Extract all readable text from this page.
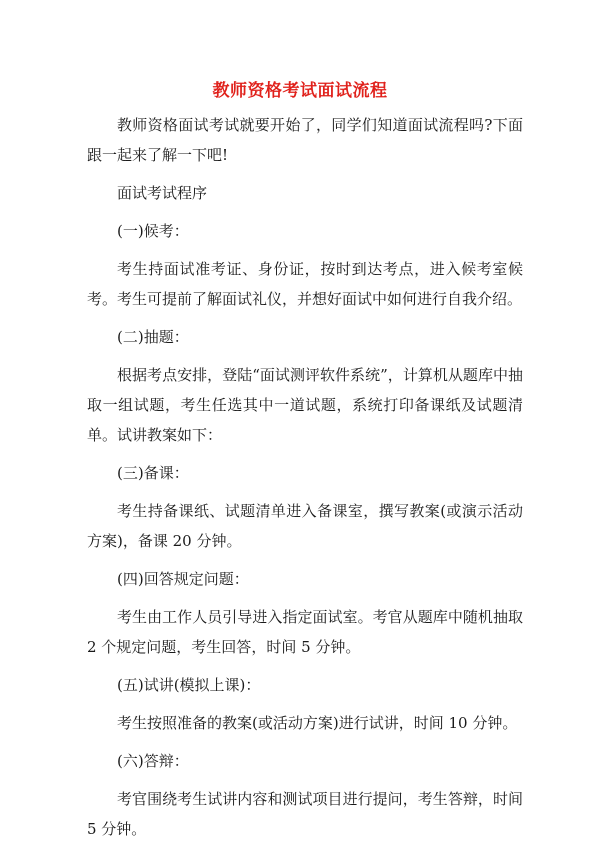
教师资格考试面试流程

教师资格面试考试就要开始了，同学们知道面试流程吗?下面跟一起来了解一下吧!

面试考试程序

(一)候考：

考生持面试准考证、身份证，按时到达考点，进入候考室候考。考生可提前了解面试礼仪，并想好面试中如何进行自我介绍。

(二)抽题：

根据考点安排，登陆“面试测评软件系统”，计算机从题库中抽取一组试题，考生任选其中一道试题，系统打印备课纸及试题清单。试讲教案如下：

(三)备课：

考生持备课纸、试题清单进入备课室，撰写教案(或演示活动方案)，备课 20 分钟。

(四)回答规定问题：

考生由工作人员引导进入指定面试室。考官从题库中随机抽取 2 个规定问题，考生回答，时间 5 分钟。

(五)试讲(模拟上课)：

考生按照准备的教案(或活动方案)进行试讲，时间 10 分钟。

(六)答辩：

考官围绕考生试讲内容和测试项目进行提问，考生答辩，时间 5 分钟。
